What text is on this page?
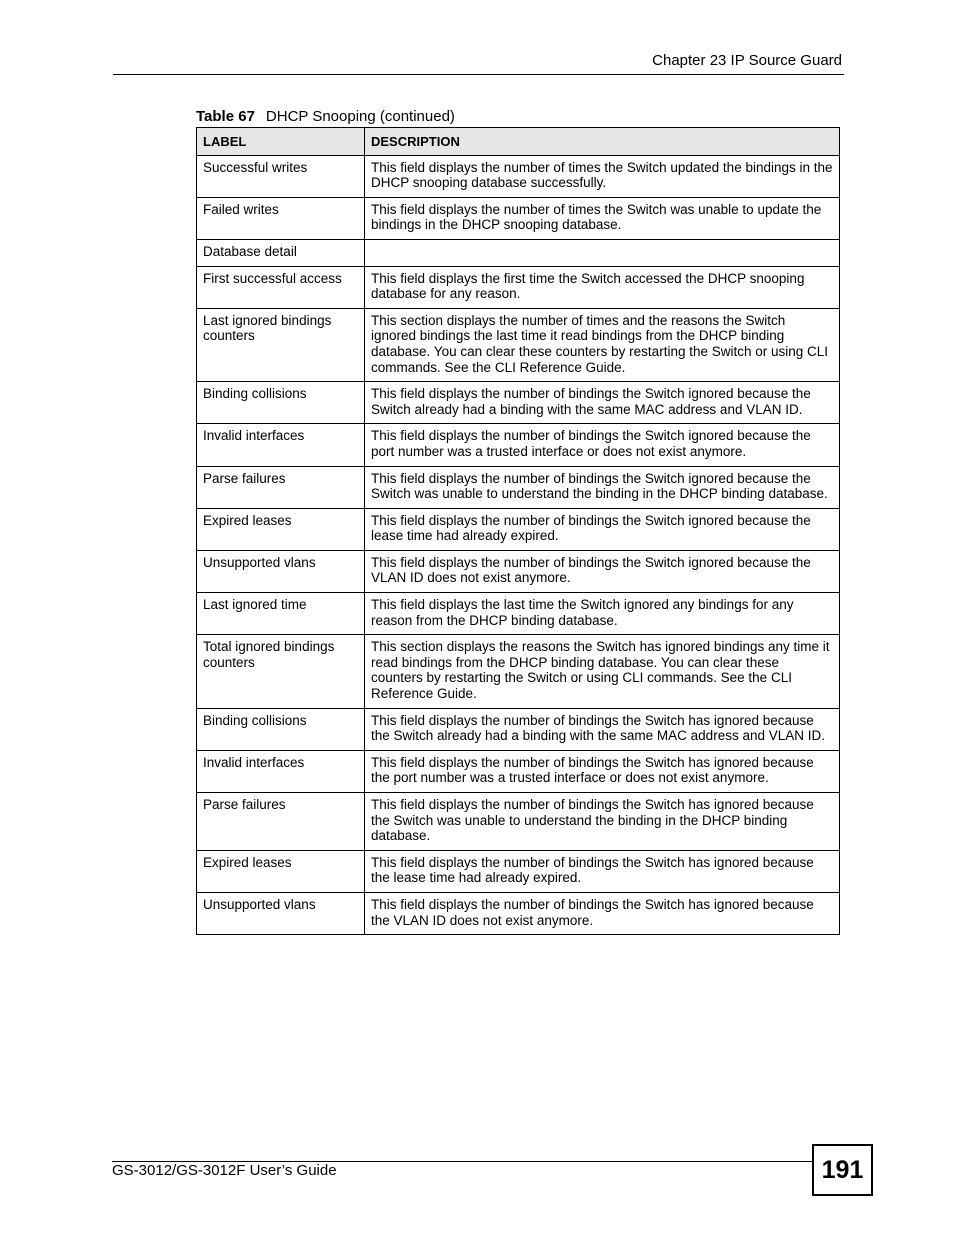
Chapter 23 IP Source Guard
Table 67 DHCP Snooping (continued)
LABEL	DESCRIPTION
Successful writes	This field displays the number of times the Switch updated the bindings in the DHCP snooping database successfully.
Failed writes	This field displays the number of times the Switch was unable to update the bindings in the DHCP snooping database.
Database detail	
First successful access	This field displays the first time the Switch accessed the DHCP snooping database for any reason.
Last ignored bindings counters	This section displays the number of times and the reasons the Switch ignored bindings the last time it read bindings from the DHCP binding database. You can clear these counters by restarting the Switch or using CLI commands. See the CLI Reference Guide.
Binding collisions	This field displays the number of bindings the Switch ignored because the Switch already had a binding with the same MAC address and VLAN ID.
Invalid interfaces	This field displays the number of bindings the Switch ignored because the port number was a trusted interface or does not exist anymore.
Parse failures	This field displays the number of bindings the Switch ignored because the Switch was unable to understand the binding in the DHCP binding database.
Expired leases	This field displays the number of bindings the Switch ignored because the lease time had already expired.
Unsupported vlans	This field displays the number of bindings the Switch ignored because the VLAN ID does not exist anymore.
Last ignored time	This field displays the last time the Switch ignored any bindings for any reason from the DHCP binding database.
Total ignored bindings counters	This section displays the reasons the Switch has ignored bindings any time it read bindings from the DHCP binding database. You can clear these counters by restarting the Switch or using CLI commands. See the CLI Reference Guide.
Binding collisions	This field displays the number of bindings the Switch has ignored because the Switch already had a binding with the same MAC address and VLAN ID.
Invalid interfaces	This field displays the number of bindings the Switch has ignored because the port number was a trusted interface or does not exist anymore.
Parse failures	This field displays the number of bindings the Switch has ignored because the Switch was unable to understand the binding in the DHCP binding database.
Expired leases	This field displays the number of bindings the Switch has ignored because the lease time had already expired.
Unsupported vlans	This field displays the number of bindings the Switch has ignored because the VLAN ID does not exist anymore.
GS-3012/GS-3012F User’s Guide	191
